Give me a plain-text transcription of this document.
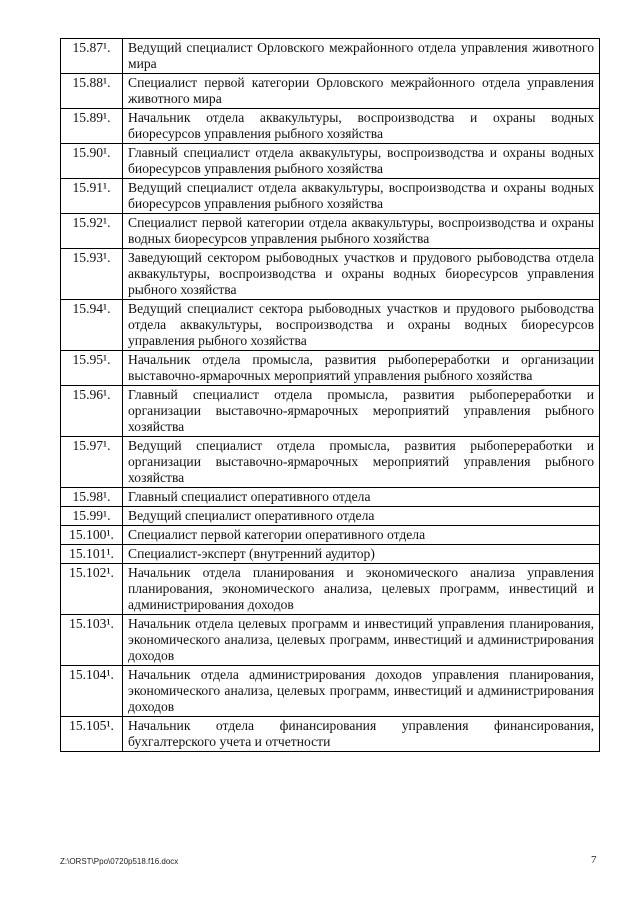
15.87¹.	Ведущий специалист Орловского межрайонного отдела управления животного мира
15.88¹.	Специалист первой категории Орловского межрайонного отдела управления животного мира
15.89¹.	Начальник отдела аквакультуры, воспроизводства и охраны водных биоресурсов управления рыбного хозяйства
15.90¹.	Главный специалист отдела аквакультуры, воспроизводства и охраны водных биоресурсов управления рыбного хозяйства
15.91¹.	Ведущий специалист отдела аквакультуры, воспроизводства и охраны водных биоресурсов управления рыбного хозяйства
15.92¹.	Специалист первой категории отдела аквакультуры, воспроизводства и охраны водных биоресурсов управления рыбного хозяйства
15.93¹.	Заведующий сектором рыбоводных участков и прудового рыбоводства отдела аквакультуры, воспроизводства и охраны водных биоресурсов управления рыбного хозяйства
15.94¹.	Ведущий специалист сектора рыбоводных участков и прудового рыбоводства отдела аквакультуры, воспроизводства и охраны водных биоресурсов управления рыбного хозяйства
15.95¹.	Начальник отдела промысла, развития рыбопереработки и организации выставочно-ярмарочных мероприятий управления рыбного хозяйства
15.96¹.	Главный специалист отдела промысла, развития рыбопереработки и организации выставочно-ярмарочных мероприятий управления рыбного хозяйства
15.97¹.	Ведущий специалист отдела промысла, развития рыбопереработки и организации выставочно-ярмарочных мероприятий управления рыбного хозяйства
15.98¹.	Главный специалист оперативного отдела
15.99¹.	Ведущий специалист оперативного отдела
15.100¹.	Специалист первой категории оперативного отдела
15.101¹.	Специалист-эксперт (внутренний аудитор)
15.102¹.	Начальник отдела планирования и экономического анализа управления планирования, экономического анализа, целевых программ, инвестиций и администрирования доходов
15.103¹.	Начальник отдела целевых программ и инвестиций управления планирования, экономического анализа, целевых программ, инвестиций и администрирования доходов
15.104¹.	Начальник отдела администрирования доходов управления планирования, экономического анализа, целевых программ, инвестиций и администрирования доходов
15.105¹.	Начальник отдела финансирования управления финансирования, бухгалтерского учета и отчетности
Z:\ORST\Ppo\0720p518.f16.docx	7
